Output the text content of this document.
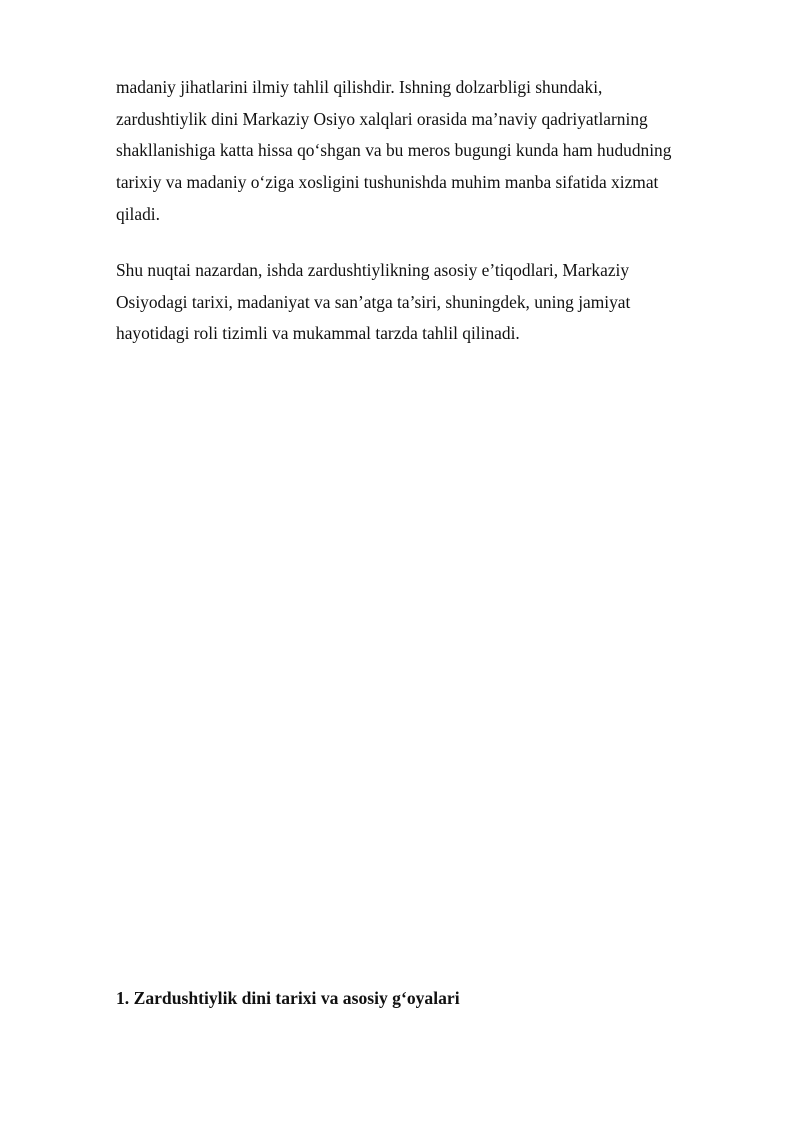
madaniy jihatlarini ilmiy tahlil qilishdir. Ishning dolzarbligi shundaki,
zardushtiylik dini Markaziy Osiyo xalqlari orasida ma’naviy qadriyatlarning
shakllanishiga katta hissa qo‘shgan va bu meros bugungi kunda ham hududning
tarixiy va madaniy o‘ziga xosligini tushunishda muhim manba sifatida xizmat
qiladi.

Shu nuqtai nazardan, ishda zardushtiylikning asosiy e’tiqodlari, Markaziy
Osiyodagi tarixi, madaniyat va san’atga ta’siri, shuningdek, uning jamiyat
hayotidagi roli tizimli va mukammal tarzda tahlil qilinadi.

1. Zardushtiylik dini tarixi va asosiy g‘oyalari
